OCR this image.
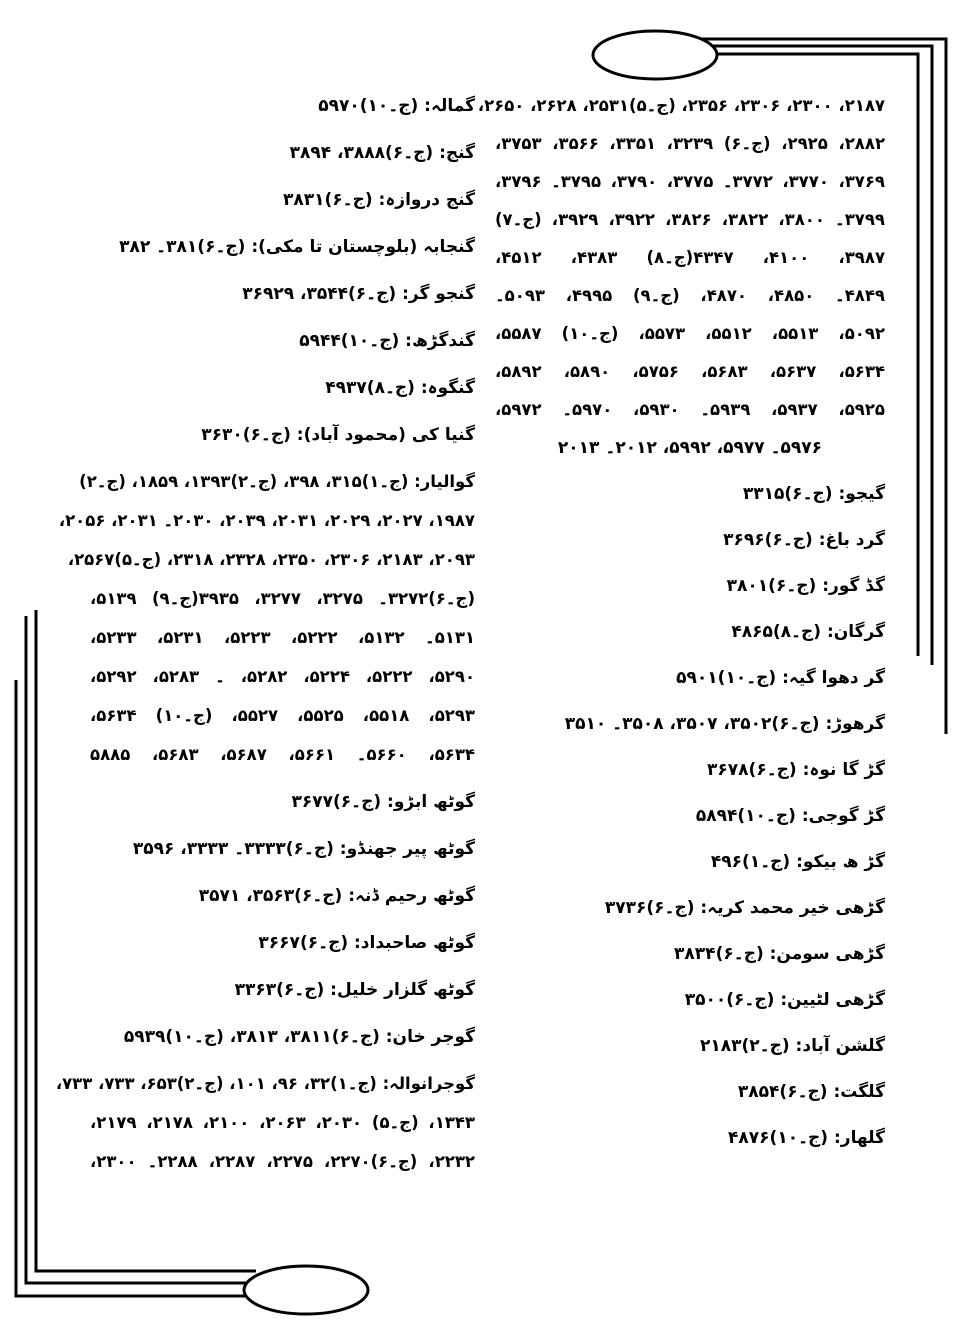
۲۱۸۷، ۲۳۰۰، ۲۳۰۶، ۲۳۵۶، (ج۔۵)۲۵۳۱، ۲۶۲۸، ۲۶۵۰،
۲۸۸۲، ۲۹۲۵، (ج۔۶) ۳۲۳۹، ۳۳۵۱، ۳۵۶۶، ۳۷۵۳،
۳۷۶۹، ۳۷۷۰، ۳۷۷۲۔ ۳۷۷۵، ۳۷۹۰، ۳۷۹۵۔ ۳۷۹۶،
۳۷۹۹۔ ۳۸۰۰، ۳۸۲۲، ۳۸۲۶، ۳۹۲۲، ۳۹۲۹، (ج۔۷)
۳۹۸۷، ۴۱۰۰، ۴۳۴۷(ج۔۸) ۴۳۸۳، ۴۵۱۲،
۴۸۴۹۔ ۴۸۵۰، ۴۸۷۰، (ج۔۹) ۴۹۹۵، ۵۰۹۳۔
۵۰۹۲، ۵۵۱۳، ۵۵۱۲، ۵۵۷۳، (ج۔۱۰) ۵۵۸۷،
۵۶۳۴، ۵۶۳۷، ۵۶۸۳، ۵۷۵۶، ۵۸۹۰، ۵۸۹۲،
۵۹۲۵، ۵۹۳۷، ۵۹۳۹۔ ۵۹۳۰، ۵۹۷۰۔ ۵۹۷۲،
۵۹۷۶۔ ۵۹۷۷، ۵۹۹۲، ۲۰۱۲۔ ۲۰۱۳
گیجو: (ج۔۶)۳۳۱۵
گرد باغ: (ج۔۶)۳۶۹۶
گڈ گور: (ج۔۶)۳۸۰۱
گرگان: (ج۔۸)۴۸۶۵
گر دھوا گیہ: (ج۔۱۰)۵۹۰۱
گرھوڑ: (ج۔۶)۳۵۰۲، ۳۵۰۷، ۳۵۰۸۔ ۳۵۱۰
گڑ گا نوہ: (ج۔۶)۳۶۷۸
گڑ گوجی: (ج۔۱۰)۵۸۹۴
گڑ ھ بیکو: (ج۔۱)۴۹۶
گڑھی خیر محمد کریہ: (ج۔۶)۳۷۳۶
گڑھی سومن: (ج۔۶)۳۸۳۴
گڑھی لٹیین: (ج۔۶)۳۵۰۰
گلشن آباد: (ج۔۲)۲۱۸۳
گلگت: (ج۔۶)۳۸۵۴
گلھار: (ج۔۱۰)۴۸۷۶
گمالہ: (ج۔۱۰)۵۹۷۰
گنج: (ج۔۶)۳۸۸۸، ۳۸۹۴
گنج دروازہ: (ج۔۶)۳۸۳۱
گنجابہ (بلوچستان تا مکی): (ج۔۶)۳۸۱۔ ۳۸۲
گنجو گر: (ج۔۶)۳۵۴۴، ۳۶۹۲۹
گندگڑھ: (ج۔۱۰)۵۹۴۴
گنگوہ: (ج۔۸)۴۹۳۷
گنیا کی (محمود آباد): (ج۔۶)۳۶۳۰
گوالیار: (ج۔۱)۳۱۵، ۳۹۸، (ج۔۲)۱۳۹۳، ۱۸۵۹، (ج۔۲)
۱۹۸۷، ۲۰۲۷، ۲۰۲۹، ۲۰۳۱، ۲۰۳۹، ۲۰۳۰۔ ۲۰۳۱، ۲۰۵۶،
۲۰۹۳، ۲۱۸۳، ۲۳۰۶، ۲۳۵۰، ۲۳۲۸، ۲۳۱۸، (ج۔۵)۲۵۶۷،
(ج۔۶)۳۲۷۲۔ ۳۲۷۵، ۳۲۷۷، ۳۹۳۵(ج۔۹) ۵۱۳۹،
۵۱۳۱۔ ۵۱۳۲، ۵۲۲۲، ۵۲۲۳، ۵۲۳۱، ۵۲۳۳،
۵۲۹۰، ۵۲۲۲، ۵۲۲۴، ۵۲۸۲، ۔ ۵۲۸۳، ۵۲۹۲،
۵۲۹۳، ۵۵۱۸، ۵۵۲۵، ۵۵۲۷، (ج۔۱۰) ۵۶۳۴،
۵۶۳۴، ۵۶۶۰۔ ۵۶۶۱، ۵۶۸۷، ۵۶۸۳، ۵۸۸۵
گوٹھ ابڑو: (ج۔۶)۳۶۷۷
گوٹھ پیر جھنڈو: (ج۔۶)۳۳۳۳۔ ۳۳۳۳، ۳۵۹۶
گوٹھ رحیم ڈنہ: (ج۔۶)۳۵۶۳، ۳۵۷۱
گوٹھ صاحبداد: (ج۔۶)۳۶۶۷
گوٹھ گلزار خلیل: (ج۔۶)۳۳۶۳
گوجر خان: (ج۔۶)۳۸۱۱، ۳۸۱۳، (ج۔۱۰)۵۹۳۹
گوجرانوالہ: (ج۔۱)۳۲، ۹۶، ۱۰۱، (ج۔۲)۶۵۳، ۷۳۳، ۷۳۳،
۱۳۴۳، (ج۔۵) ۲۰۳۰، ۲۰۶۳، ۲۱۰۰، ۲۱۷۸، ۲۱۷۹،
۲۲۳۲، (ج۔۶)۲۲۷۰، ۲۲۷۵، ۲۲۸۷، ۲۲۸۸۔ ۲۳۰۰،
